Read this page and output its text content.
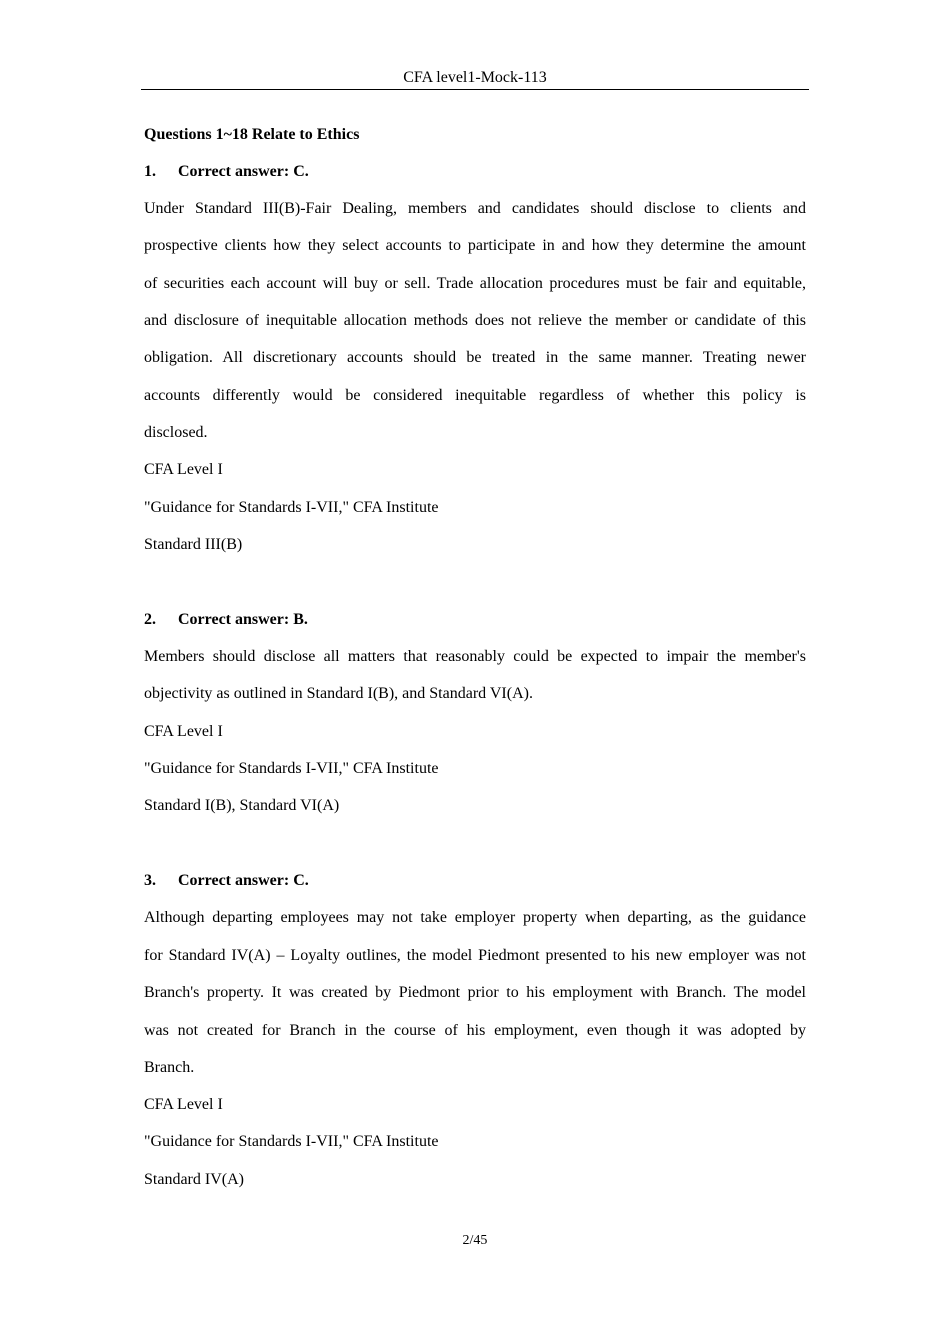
CFA level1-Mock-113
Questions 1~18 Relate to Ethics
1. Correct answer: C.
Under Standard III(B)-Fair Dealing, members and candidates should disclose to clients and
prospective clients how they select accounts to participate in and how they determine the amount
of securities each account will buy or sell. Trade allocation procedures must be fair and equitable,
and disclosure of inequitable allocation methods does not relieve the member or candidate of this
obligation. All discretionary accounts should be treated in the same manner. Treating newer
accounts differently would be considered inequitable regardless of whether this policy is
disclosed.
CFA Level I
"Guidance for Standards I-VII," CFA Institute
Standard III(B)
2. Correct answer: B.
Members should disclose all matters that reasonably could be expected to impair the member's
objectivity as outlined in Standard I(B), and Standard VI(A).
CFA Level I
"Guidance for Standards I-VII," CFA Institute
Standard I(B), Standard VI(A)
3. Correct answer: C.
Although departing employees may not take employer property when departing, as the guidance
for Standard IV(A) – Loyalty outlines, the model Piedmont presented to his new employer was not
Branch's property. It was created by Piedmont prior to his employment with Branch. The model
was not created for Branch in the course of his employment, even though it was adopted by
Branch.
CFA Level I
"Guidance for Standards I-VII," CFA Institute
Standard IV(A)
2/45
